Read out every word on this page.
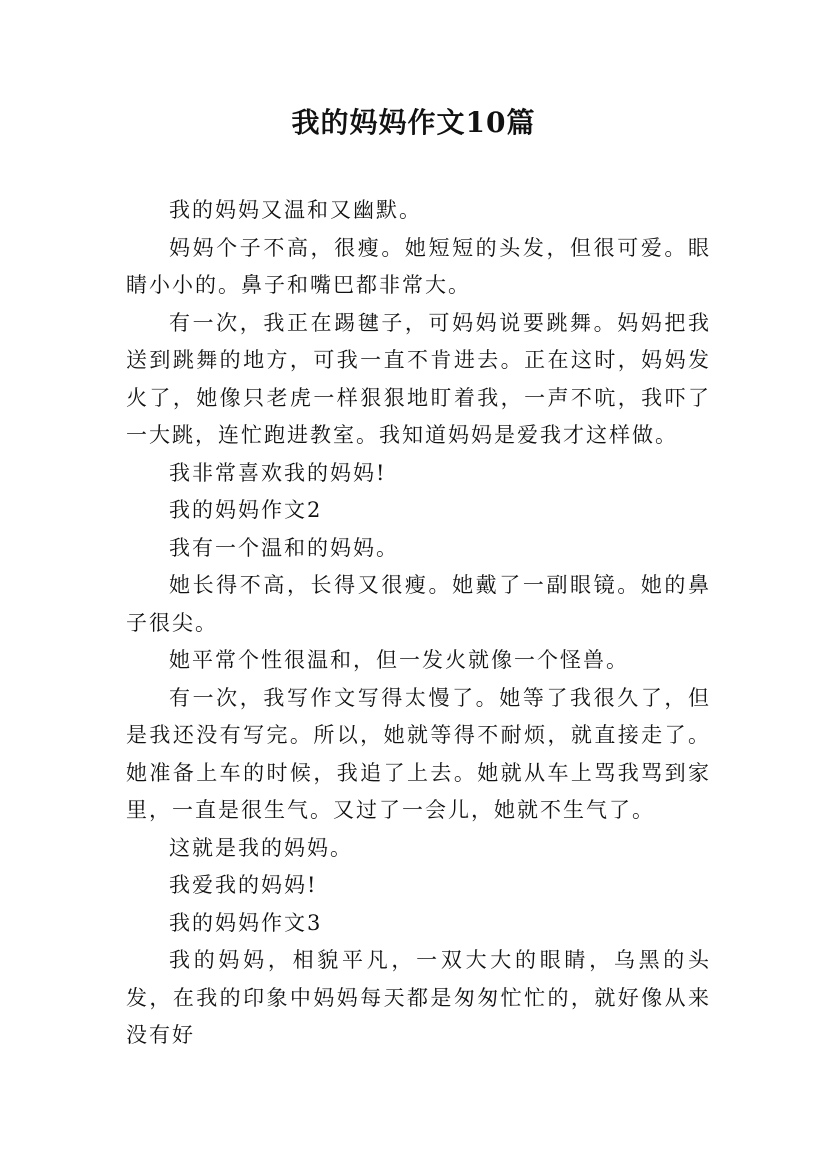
我的妈妈作文10篇

我的妈妈又温和又幽默。

妈妈个子不高，很瘦。她短短的头发，但很可爱。眼睛小小的。鼻子和嘴巴都非常大。

有一次，我正在踢毽子，可妈妈说要跳舞。妈妈把我送到跳舞的地方，可我一直不肯进去。正在这时，妈妈发火了，她像只老虎一样狠狠地盯着我，一声不吭，我吓了一大跳，连忙跑进教室。我知道妈妈是爱我才这样做。

我非常喜欢我的妈妈!

我的妈妈作文2

我有一个温和的妈妈。

她长得不高，长得又很瘦。她戴了一副眼镜。她的鼻子很尖。

她平常个性很温和，但一发火就像一个怪兽。

有一次，我写作文写得太慢了。她等了我很久了，但是我还没有写完。所以，她就等得不耐烦，就直接走了。她准备上车的时候，我追了上去。她就从车上骂我骂到家里，一直是很生气。又过了一会儿，她就不生气了。

这就是我的妈妈。

我爱我的妈妈!

我的妈妈作文3

我的妈妈，相貌平凡，一双大大的眼睛，乌黑的头发，在我的印象中妈妈每天都是匆匆忙忙的，就好像从来没有好
